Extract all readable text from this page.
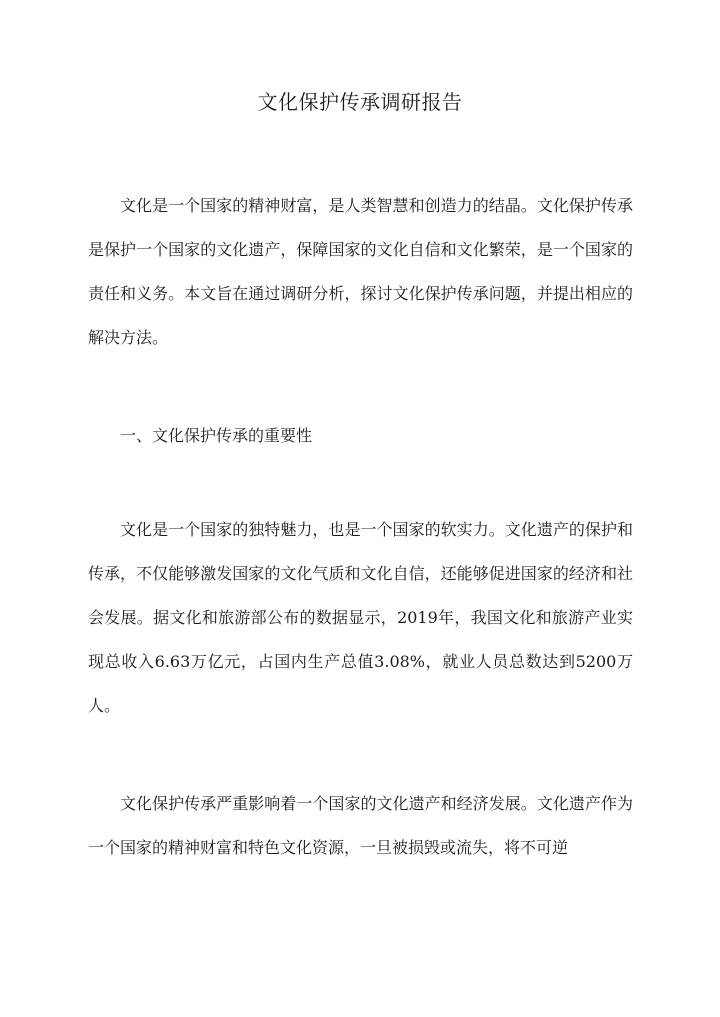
文化保护传承调研报告

文化是一个国家的精神财富，是人类智慧和创造力的结晶。文化保护传承是保护一个国家的文化遗产，保障国家的文化自信和文化繁荣，是一个国家的责任和义务。本文旨在通过调研分析，探讨文化保护传承问题，并提出相应的解决方法。

一、文化保护传承的重要性

文化是一个国家的独特魅力，也是一个国家的软实力。文化遗产的保护和传承，不仅能够激发国家的文化气质和文化自信，还能够促进国家的经济和社会发展。据文化和旅游部公布的数据显示，2019年，我国文化和旅游产业实现总收入6.63万亿元，占国内生产总值3.08%，就业人员总数达到5200万人。

文化保护传承严重影响着一个国家的文化遗产和经济发展。文化遗产作为一个国家的精神财富和特色文化资源，一旦被损毁或流失，将不可逆
